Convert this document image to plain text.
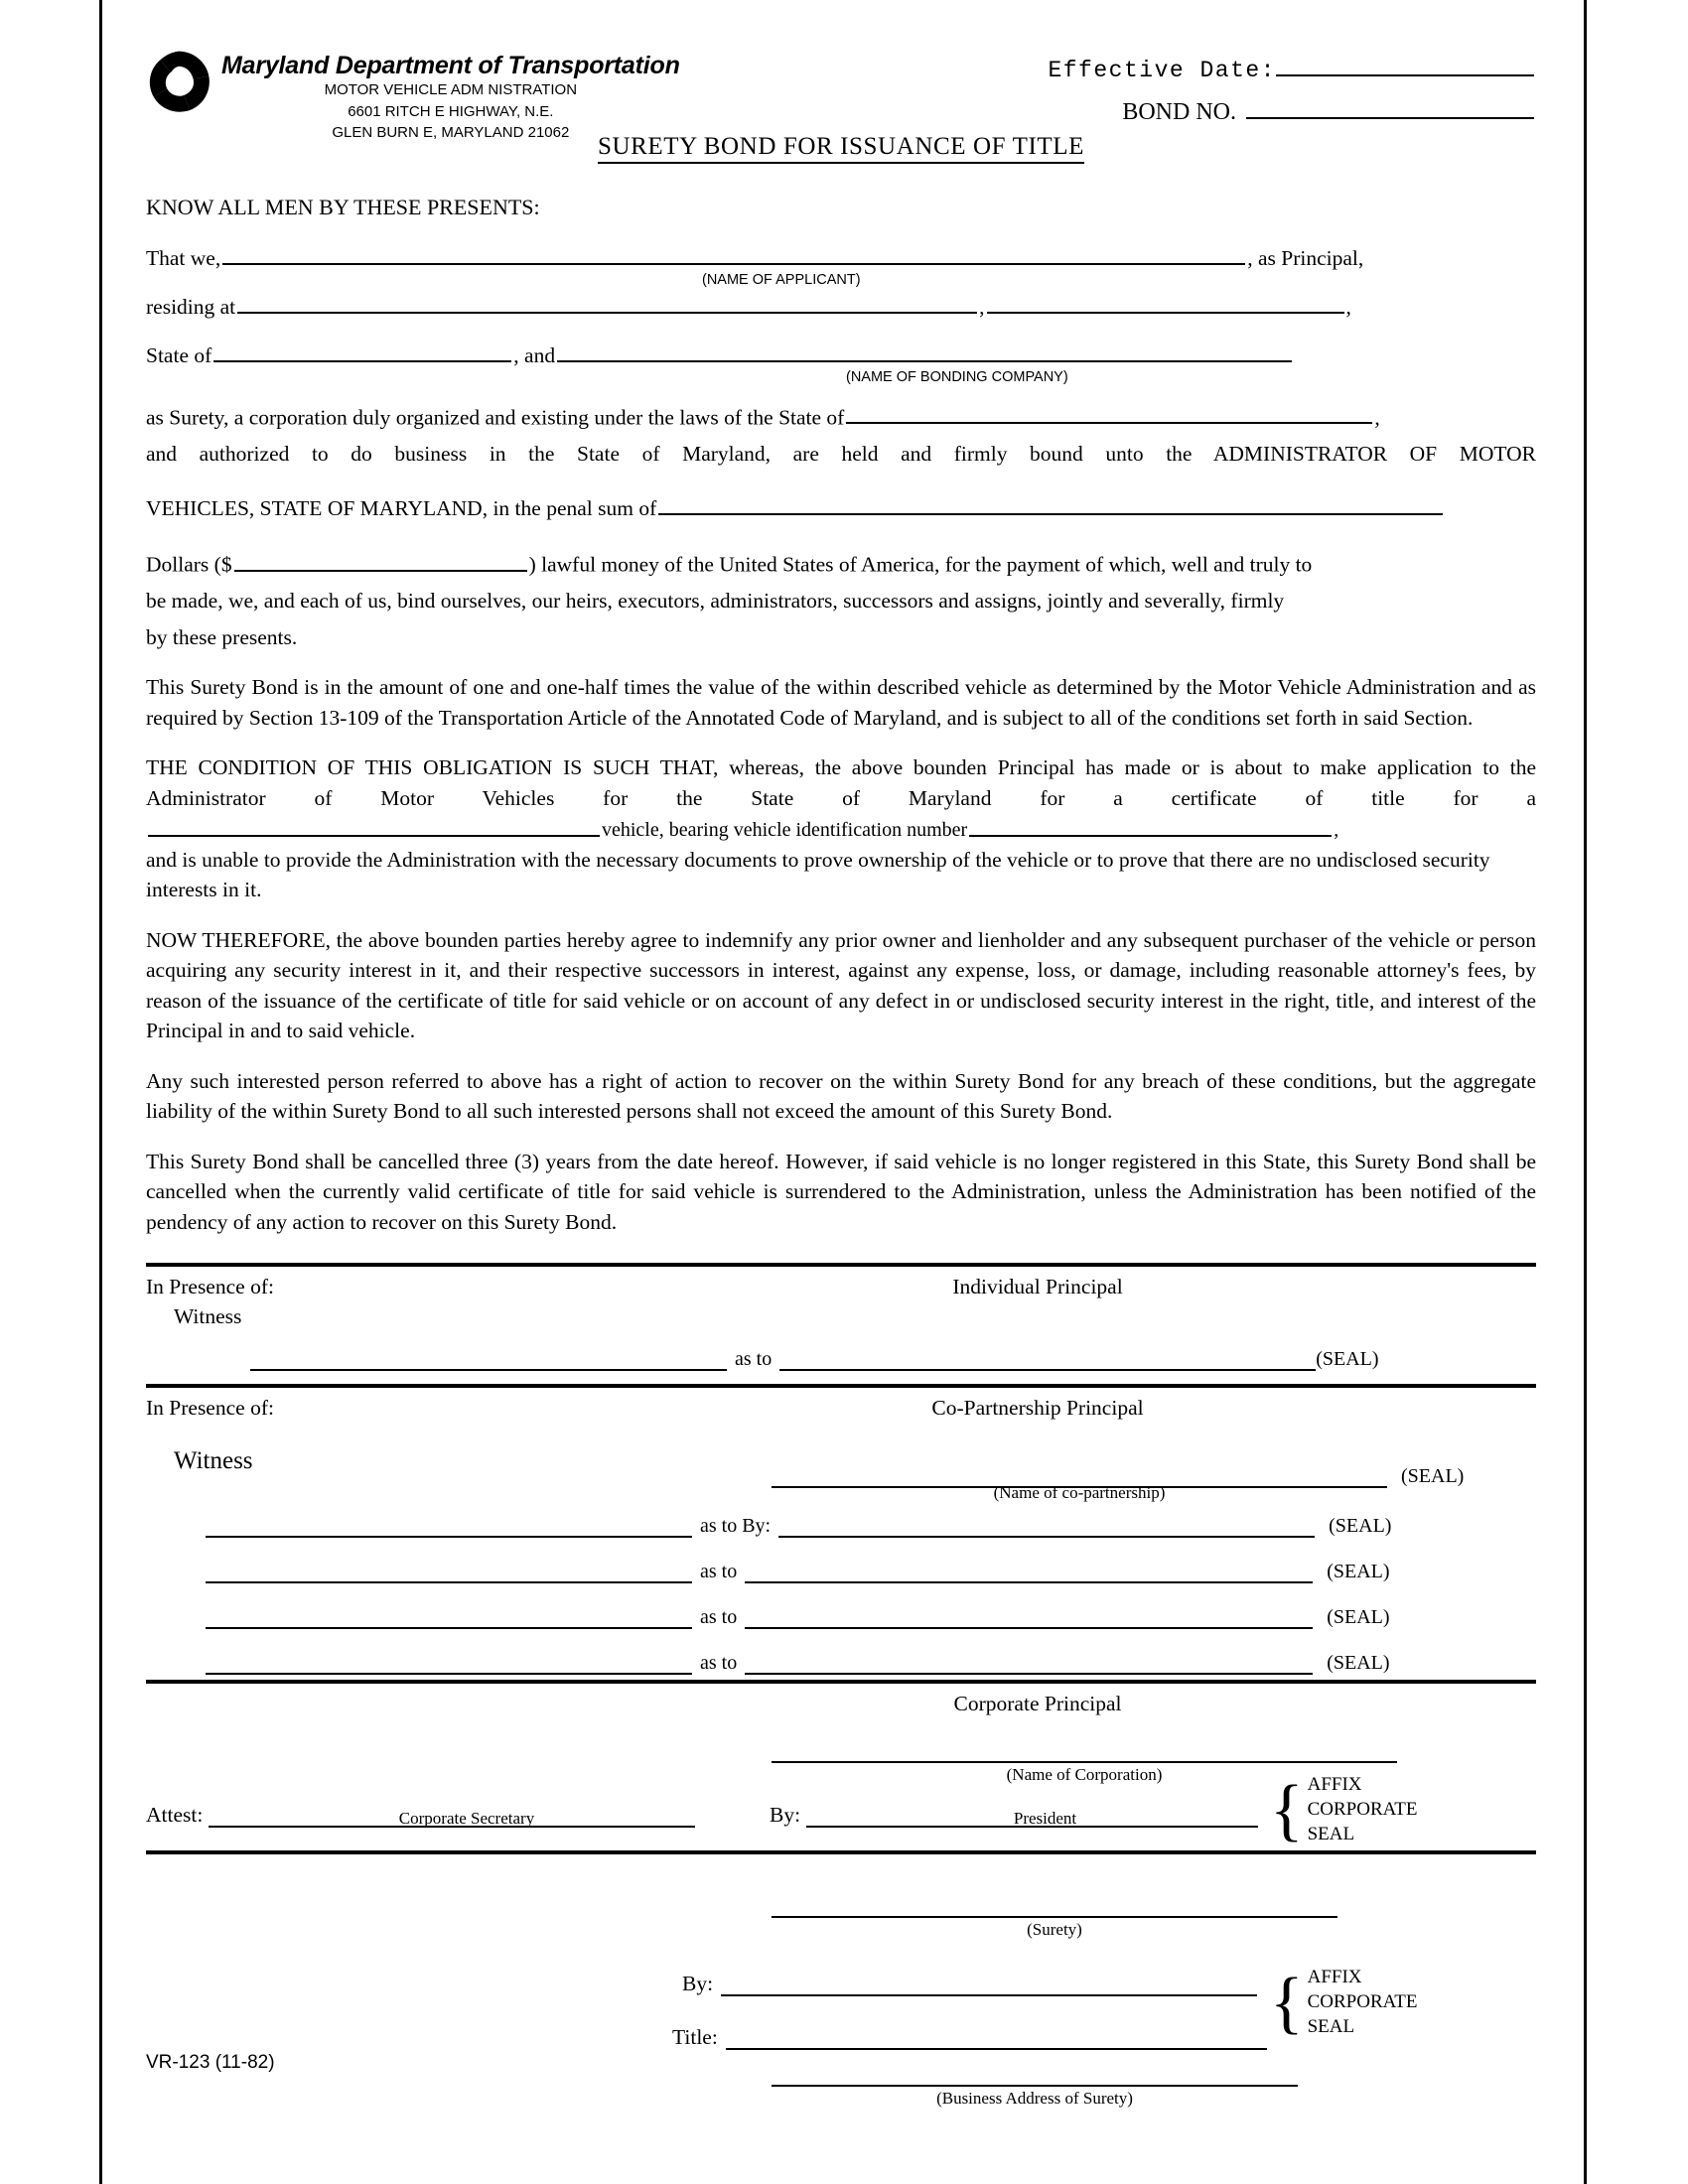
Maryland Department of Transportation
MOTOR VEHICLE ADM NISTRATION
6601 RITCH E HIGHWAY, N.E.
GLEN BURN E, MARYLAND 21062
Effective Date:
BOND NO.
SURETY BOND FOR ISSUANCE OF TITLE
KNOW ALL MEN BY THESE PRESENTS:
That we,	, as Principal,
(NAME OF APPLICANT)
residing at	,	,
State of	, and
(NAME OF BONDING COMPANY)
as Surety, a corporation duly organized and existing under the laws of the State of	,
and authorized to do business in the State of Maryland, are held and firmly bound unto the ADMINISTRATOR OF MOTOR
VEHICLES, STATE OF MARYLAND, in the penal sum of
Dollars ($	) lawful money of the United States of America, for the payment of which, well and truly to
be made, we, and each of us, bind ourselves, our heirs, executors, administrators, successors and assigns, jointly and severally, firmly
by these presents.

This Surety Bond is in the amount of one and one-half times the value of the within described vehicle as determined by the Motor Vehicle Administration and as required by Section 13-109 of the Transportation Article of the Annotated Code of Maryland, and is subject to all of the conditions set forth in said Section.

THE CONDITION OF THIS OBLIGATION IS SUCH THAT, whereas, the above bounden Principal has made or is about to make application to the Administrator of Motor Vehicles for the State of Maryland for a certificate of title for a

vehicle, bearing vehicle identification number	,

and is unable to provide the Administration with the necessary documents to prove ownership of the vehicle or to prove that there are no undisclosed security interests in it.

NOW THEREFORE, the above bounden parties hereby agree to indemnify any prior owner and lienholder and any subsequent purchaser of the vehicle or person acquiring any security interest in it, and their respective successors in interest, against any expense, loss, or damage, including reasonable attorney's fees, by reason of the issuance of the certificate of title for said vehicle or on account of any defect in or undisclosed security interest in the right, title, and interest of the Principal in and to said vehicle.

Any such interested person referred to above has a right of action to recover on the within Surety Bond for any breach of these conditions, but the aggregate liability of the within Surety Bond to all such interested persons shall not exceed the amount of this Surety Bond.

This Surety Bond shall be cancelled three (3) years from the date hereof. However, if said vehicle is no longer registered in this State, this Surety Bond shall be cancelled when the currently valid certificate of title for said vehicle is surrendered to the Administration, unless the Administration has been notified of the pendency of any action to recover on this Surety Bond.

In Presence of:	Individual Principal
Witness
as to	(SEAL)
In Presence of:	Co-Partnership Principal
Witness
(SEAL)
(Name of co-partnership)
as to By:	(SEAL)
as to	(SEAL)
as to	(SEAL)
as to	(SEAL)
Corporate Principal
(Name of Corporation)
Attest:	Corporate Secretary	By:	President	{ AFFIX
CORPORATE
SEAL
(Surety)
By:
Title:	{ AFFIX
CORPORATE
SEAL
(Business Address of Surety)
VR-123 (11-82)
